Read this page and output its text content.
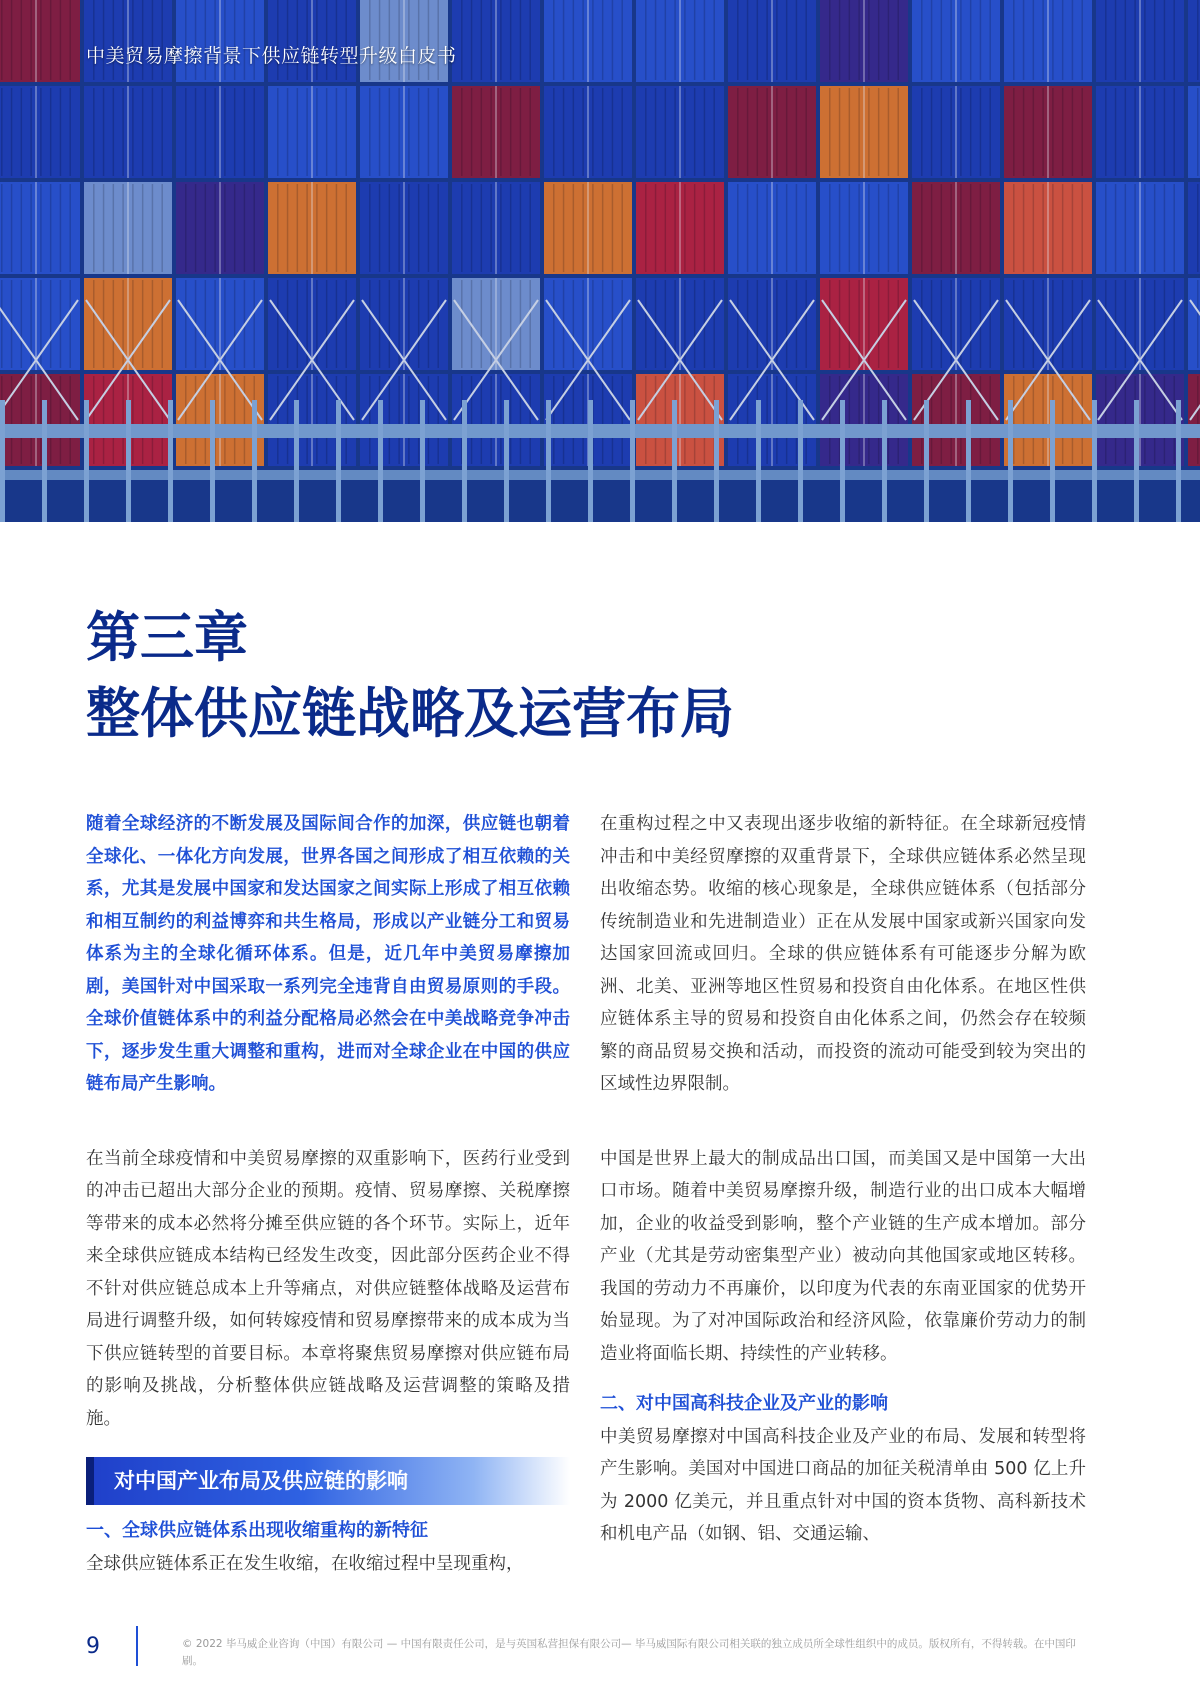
中美贸易摩擦背景下供应链转型升级白皮书
第三章
整体供应链战略及运营布局

随着全球经济的不断发展及国际间合作的加深，供应链也朝着全球化、一体化方向发展，世界各国之间形成了相互依赖的关系，尤其是发展中国家和发达国家之间实际上形成了相互依赖和相互制约的利益博弈和共生格局，形成以产业链分工和贸易体系为主的全球化循环体系。但是，近几年中美贸易摩擦加剧，美国针对中国采取一系列完全违背自由贸易原则的手段。全球价值链体系中的利益分配格局必然会在中美战略竞争冲击下，逐步发生重大调整和重构，进而对全球企业在中国的供应链布局产生影响。

在当前全球疫情和中美贸易摩擦的双重影响下，医药行业受到的冲击已超出大部分企业的预期。疫情、贸易摩擦、关税摩擦等带来的成本必然将分摊至供应链的各个环节。实际上，近年来全球供应链成本结构已经发生改变，因此部分医药企业不得不针对供应链总成本上升等痛点，对供应链整体战略及运营布局进行调整升级，如何转嫁疫情和贸易摩擦带来的成本成为当下供应链转型的首要目标。本章将聚焦贸易摩擦对供应链布局的影响及挑战，分析整体供应链战略及运营调整的策略及措施。

对中国产业布局及供应链的影响

一、全球供应链体系出现收缩重构的新特征

全球供应链体系正在发生收缩，在收缩过程中呈现重构，

在重构过程之中又表现出逐步收缩的新特征。在全球新冠疫情冲击和中美经贸摩擦的双重背景下，全球供应链体系必然呈现出收缩态势。收缩的核心现象是，全球供应链体系（包括部分传统制造业和先进制造业）正在从发展中国家或新兴国家向发达国家回流或回归。全球的供应链体系有可能逐步分解为欧洲、北美、亚洲等地区性贸易和投资自由化体系。在地区性供应链体系主导的贸易和投资自由化体系之间，仍然会存在较频繁的商品贸易交换和活动，而投资的流动可能受到较为突出的区域性边界限制。

中国是世界上最大的制成品出口国，而美国又是中国第一大出口市场。随着中美贸易摩擦升级，制造行业的出口成本大幅增加，企业的收益受到影响，整个产业链的生产成本增加。部分产业（尤其是劳动密集型产业）被动向其他国家或地区转移。我国的劳动力不再廉价，以印度为代表的东南亚国家的优势开始显现。为了对冲国际政治和经济风险，依靠廉价劳动力的制造业将面临长期、持续性的产业转移。

二、对中国高科技企业及产业的影响

中美贸易摩擦对中国高科技企业及产业的布局、发展和转型将产生影响。美国对中国进口商品的加征关税清单由 500 亿上升为 2000 亿美元，并且重点针对中国的资本货物、高科新技术和机电产品（如钢、铝、交通运输、

9	© 2022 毕马威企业咨询（中国）有限公司 — 中国有限责任公司，是与英国私营担保有限公司— 毕马威国际有限公司相关联的独立成员所全球性组织中的成员。版权所有，不得转载。在中国印刷。
